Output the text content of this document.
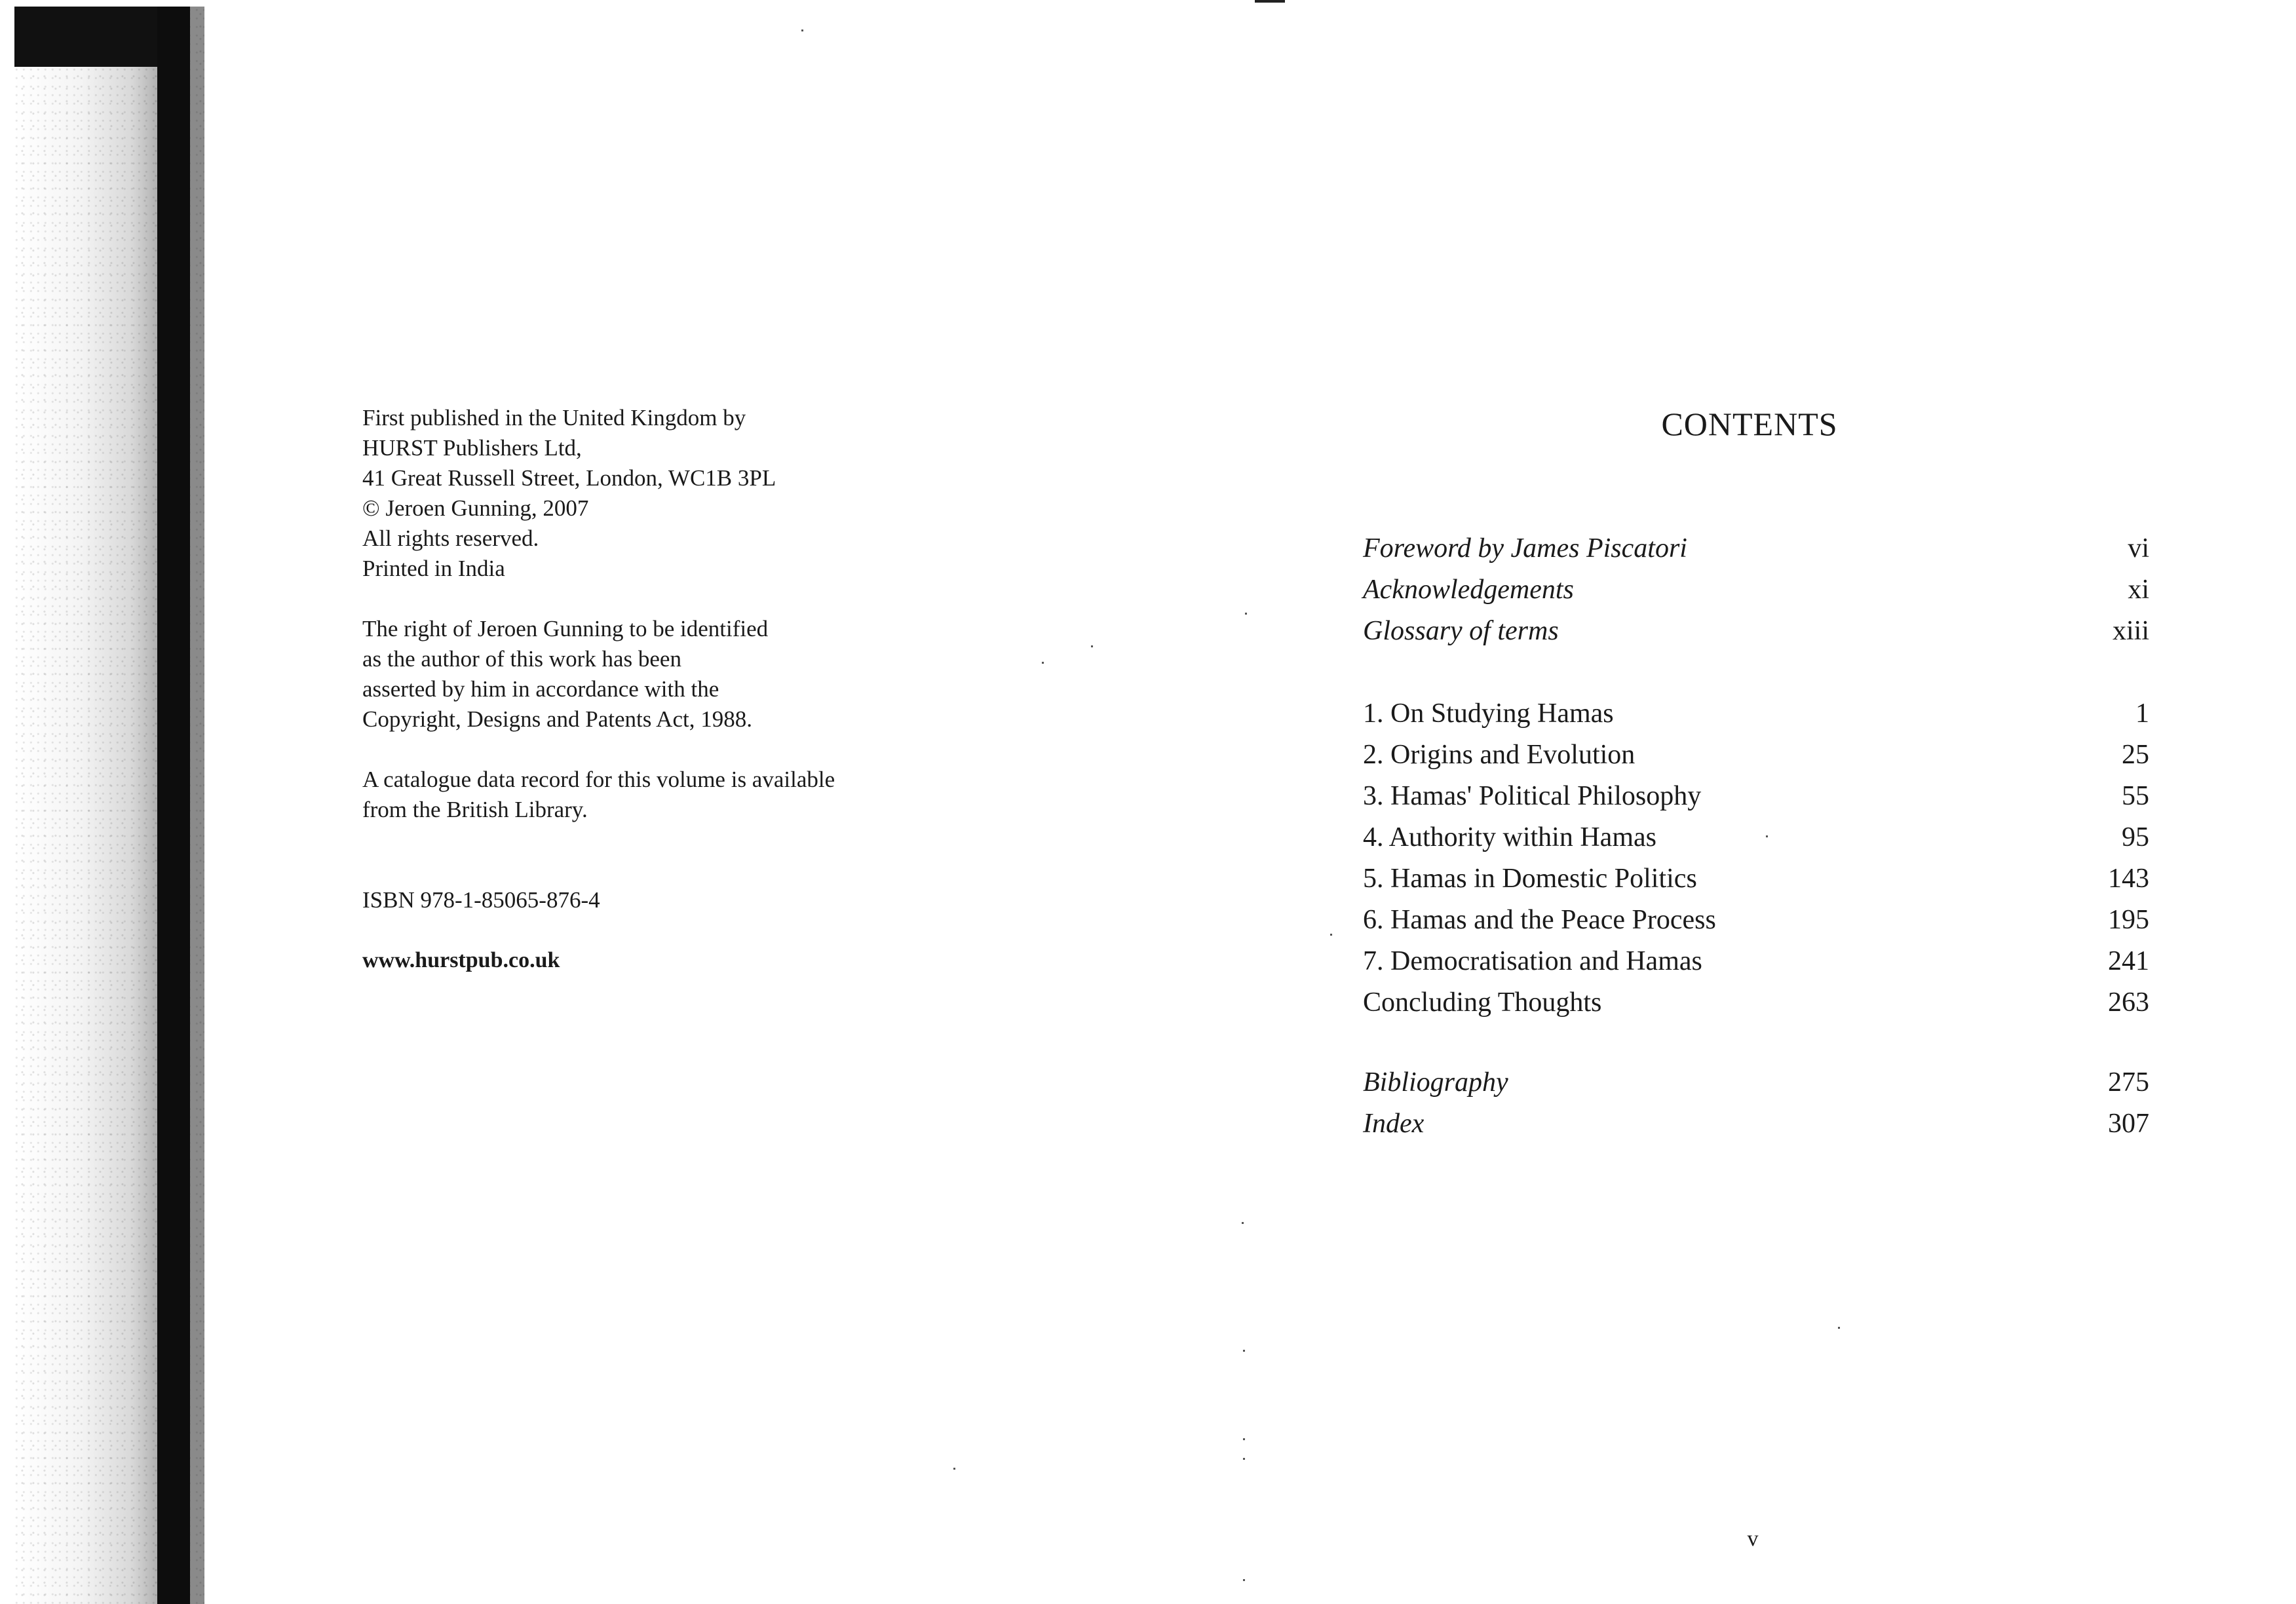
First published in the United Kingdom by
HURST Publishers Ltd,
41 Great Russell Street, London, WC1B 3PL
© Jeroen Gunning, 2007
All rights reserved.
Printed in India
The right of Jeroen Gunning to be identified
as the author of this work has been
asserted by him in accordance with the
Copyright, Designs and Patents Act, 1988.
A catalogue data record for this volume is available
from the British Library.
ISBN 978-1-85065-876-4
www.hurstpub.co.uk
CONTENTS
Foreword by James Piscatori	vi
Acknowledgements	xi
Glossary of terms	xiii
1. On Studying Hamas	1
2. Origins and Evolution	25
3. Hamas' Political Philosophy	55
4. Authority within Hamas	95
5. Hamas in Domestic Politics	143
6. Hamas and the Peace Process	195
7. Democratisation and Hamas	241
Concluding Thoughts	263
Bibliography	275
Index	307
v
